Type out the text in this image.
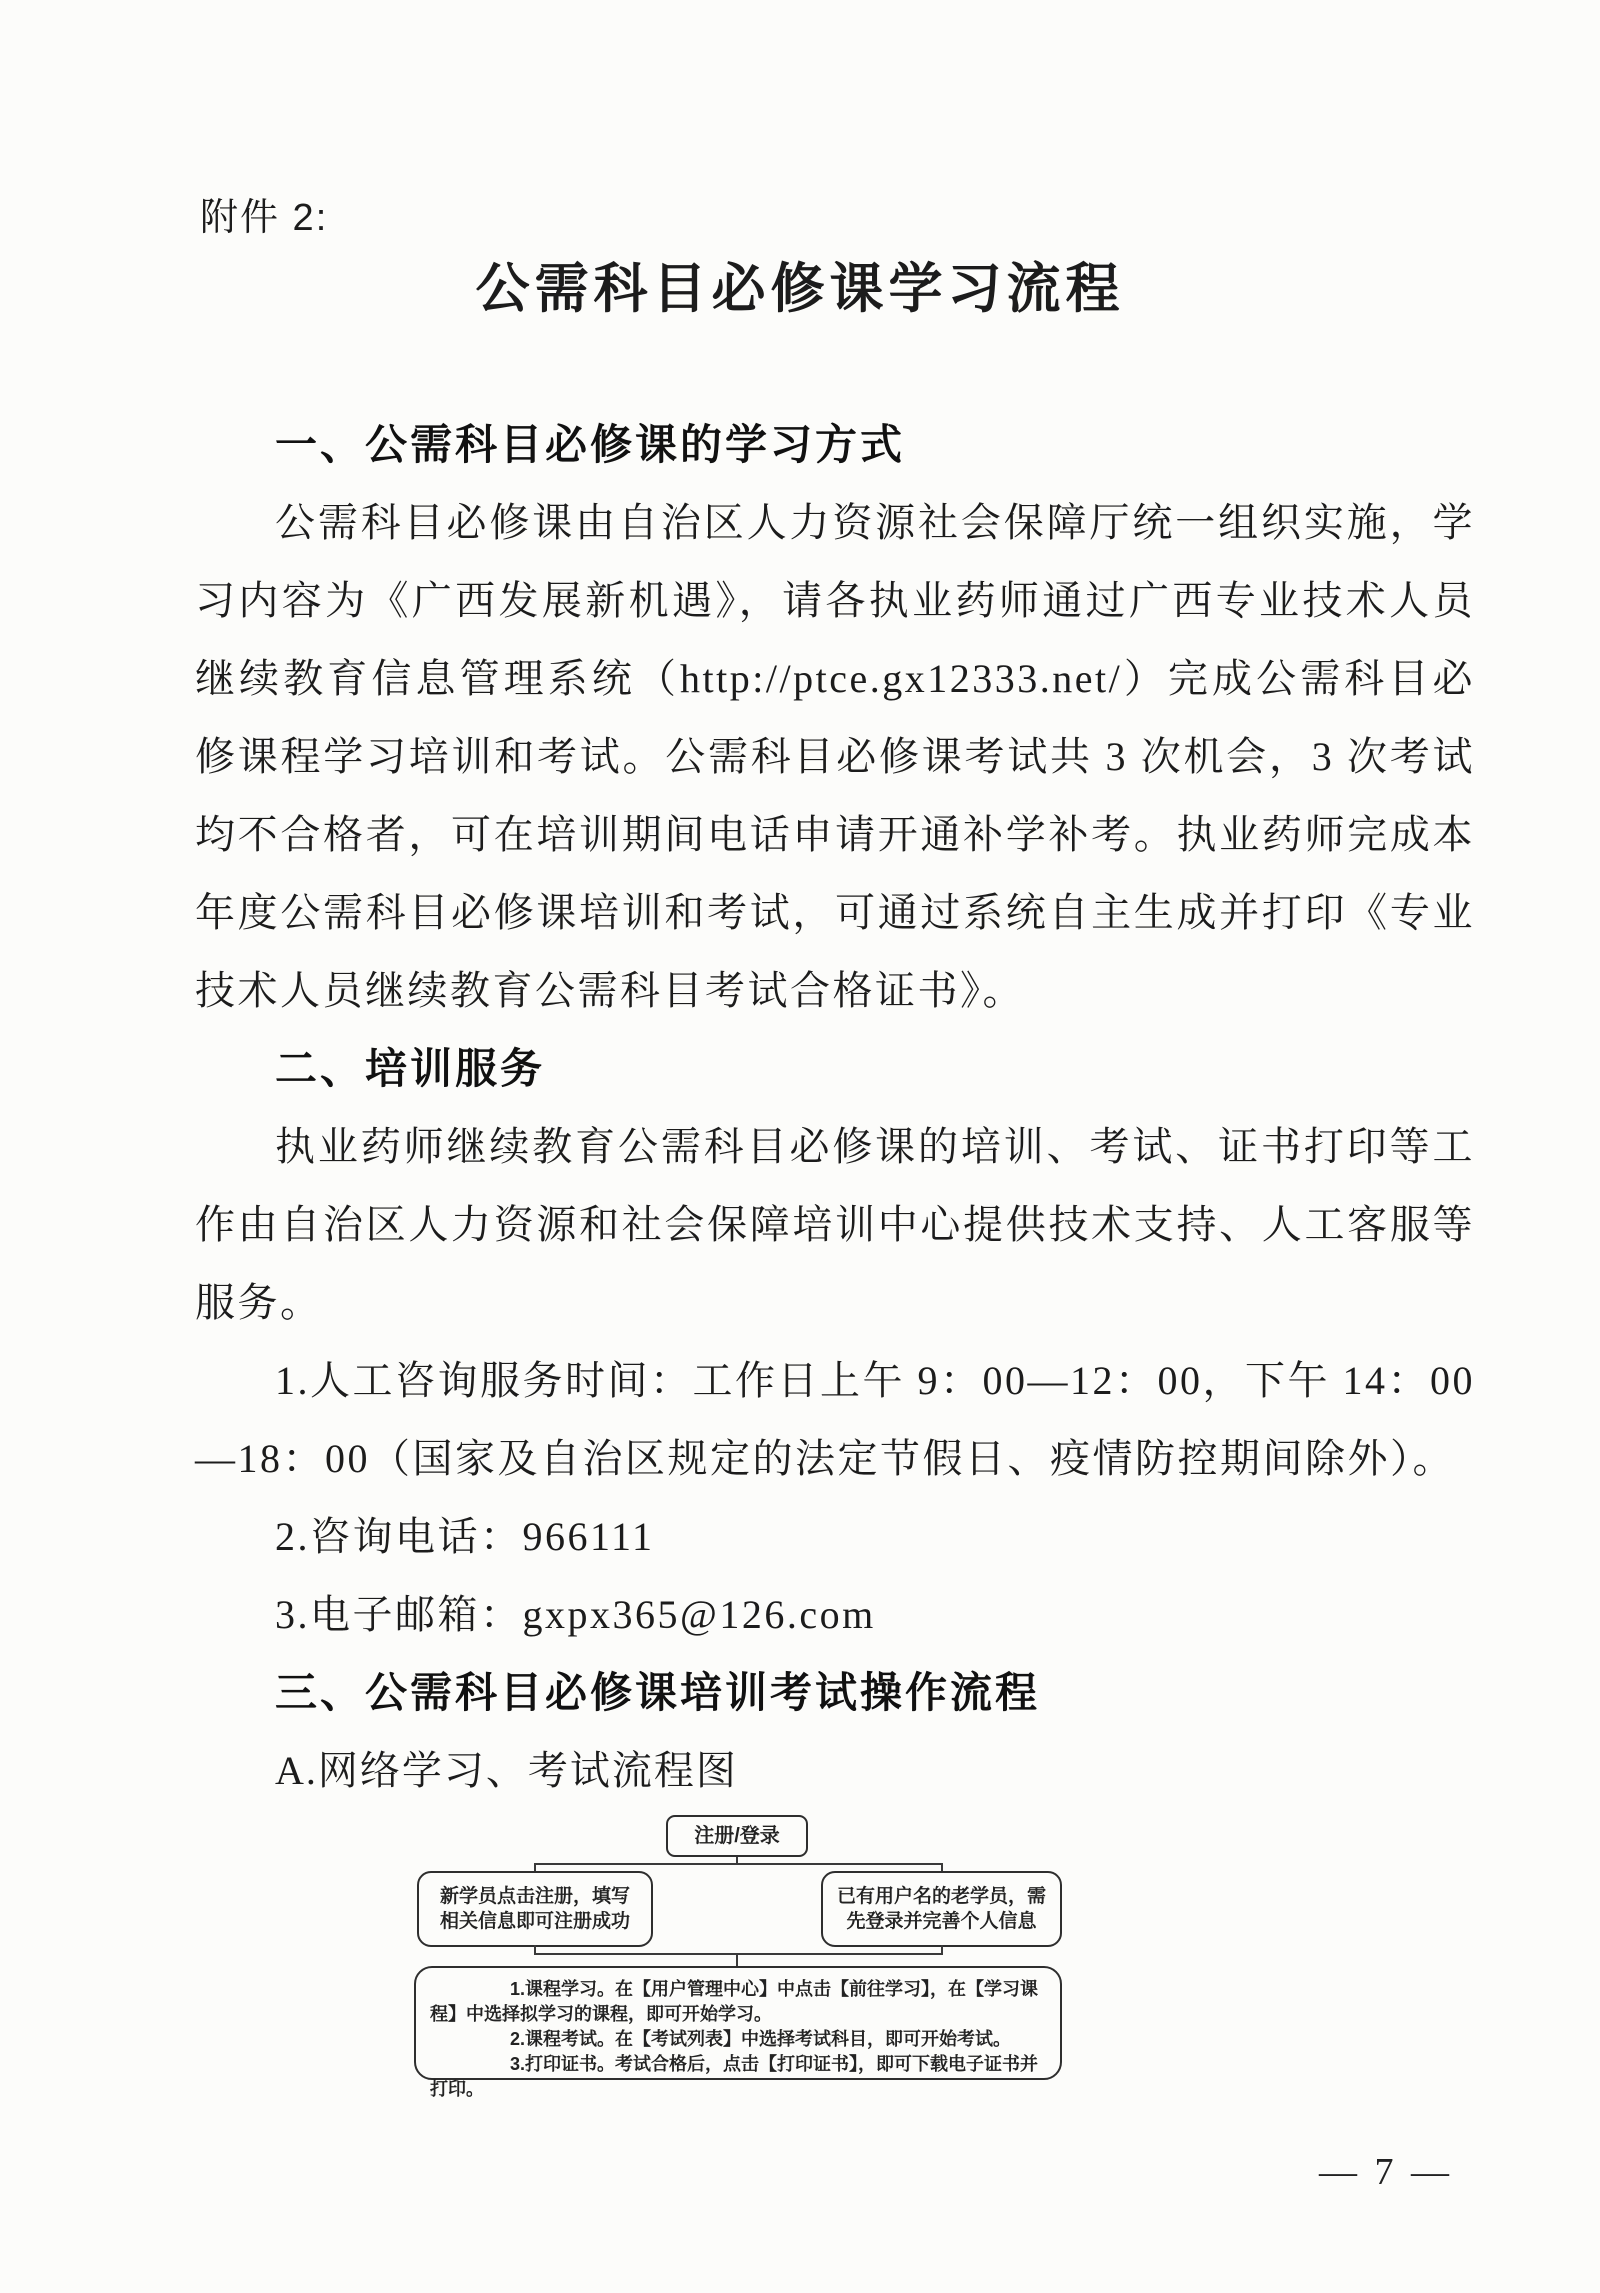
附件 2:
公需科目必修课学习流程
一、公需科目必修课的学习方式

公需科目必修课由自治区人力资源社会保障厅统一组织实施，学习内容为《广西发展新机遇》，请各执业药师通过广西专业技术人员继续教育信息管理系统（http://ptce.gx12333.net/）完成公需科目必修课程学习培训和考试。公需科目必修课考试共 3 次机会，3 次考试均不合格者，可在培训期间电话申请开通补学补考。执业药师完成本年度公需科目必修课培训和考试，可通过系统自主生成并打印《专业技术人员继续教育公需科目考试合格证书》。

二、培训服务

执业药师继续教育公需科目必修课的培训、考试、证书打印等工作由自治区人力资源和社会保障培训中心提供技术支持、人工客服等服务。

1.人工咨询服务时间：工作日上午 9：00—12：00，下午 14：00—18：00（国家及自治区规定的法定节假日、疫情防控期间除外）。

2.咨询电话：966111

3.电子邮箱：gxpx365@126.com

三、公需科目必修课培训考试操作流程

A.网络学习、考试流程图

注册/登录
新学员点击注册，填写相关信息即可注册成功
已有用户名的老学员，需先登录并完善个人信息

1.课程学习。在【用户管理中心】中点击【前往学习】，在【学习课程】中选择拟学习的课程，即可开始学习。

2.课程考试。在【考试列表】中选择考试科目，即可开始考试。

3.打印证书。考试合格后，点击【打印证书】，即可下载电子证书并打印。

— 7 —
